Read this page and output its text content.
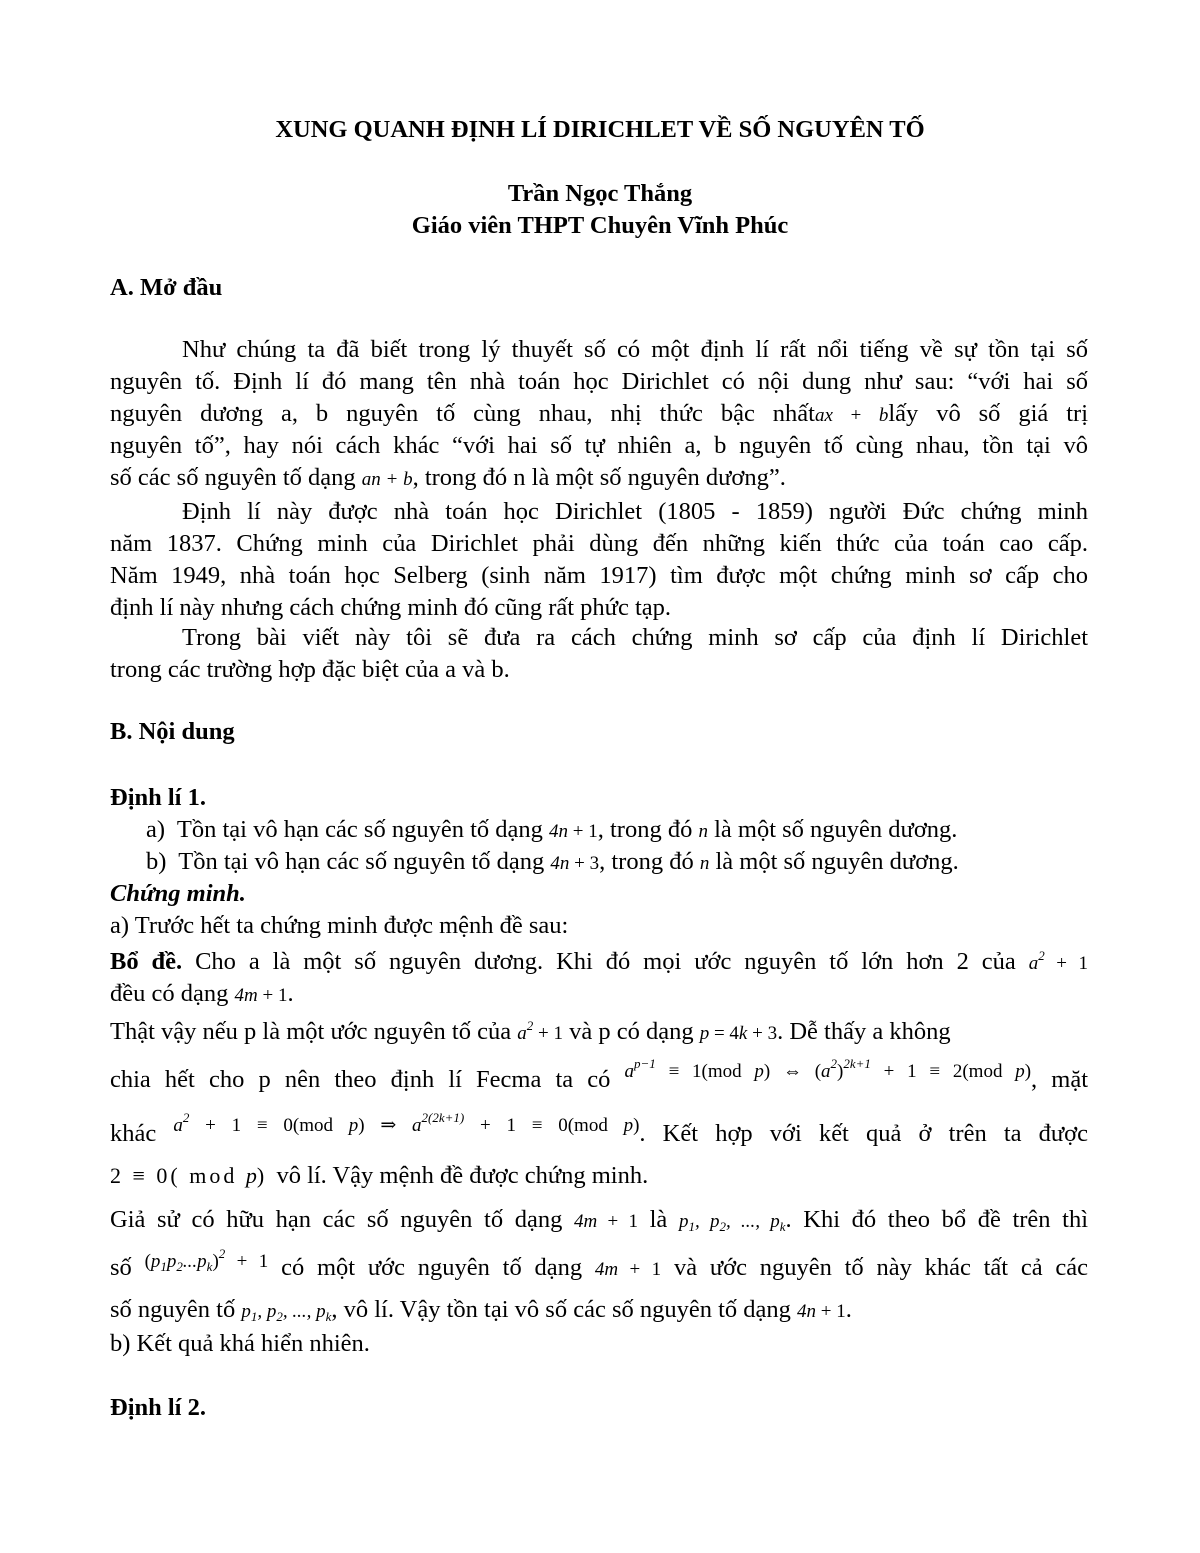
XUNG QUANH ĐỊNH LÍ DIRICHLET VỀ SỐ NGUYÊN TỐ
Trần Ngọc Thắng
Giáo viên THPT Chuyên Vĩnh Phúc
A. Mở đầu
Như chúng ta đã biết trong lý thuyết số có một định lí rất nổi tiếng về sự tồn tại số
nguyên tố. Định lí đó mang tên nhà toán học Dirichlet có nội dung như sau: “với hai số
nguyên dương a, b nguyên tố cùng nhau, nhị thức bậc nhấtax + blấy vô số giá trị
nguyên tố”, hay nói cách khác “với hai số tự nhiên a, b nguyên tố cùng nhau, tồn tại vô
số các số nguyên tố dạng an + b, trong đó n là một số nguyên dương”.
Định lí này được nhà toán học Dirichlet (1805 - 1859) người Đức chứng minh
năm 1837. Chứng minh của Dirichlet phải dùng đến những kiến thức của toán cao cấp.
Năm 1949, nhà toán học Selberg (sinh năm 1917) tìm được một chứng minh sơ cấp cho
định lí này nhưng cách chứng minh đó cũng rất phức tạp.
Trong bài viết này tôi sẽ đưa ra cách chứng minh sơ cấp của định lí Dirichlet
trong các trường hợp đặc biệt của a và b.
B. Nội dung
Định lí 1.
a) Tồn tại vô hạn các số nguyên tố dạng 4n + 1, trong đó n là một số nguyên dương.
b) Tồn tại vô hạn các số nguyên tố dạng 4n + 3, trong đó n là một số nguyên dương.
Chứng minh.
a) Trước hết ta chứng minh được mệnh đề sau:
Bổ đề. Cho a là một số nguyên dương. Khi đó mọi ước nguyên tố lớn hơn 2 của $a^2 + 1$
đều có dạng 4m + 1.
Thật vậy nếu p là một ước nguyên tố của $a^2 + 1$ và p có dạng p = 4k + 3. Dễ thấy a không
chia hết cho p nên theo định lí Fecma ta có $^{a^{p-1} \equiv 1(mod p) \Leftrightarrow (a^2)^{2k+1} + 1 \equiv 2(mod p)}$, mặt
khác $^{a^2 + 1 \equiv 0(mod p) \Rightarrow a^{2(2k+1)} + 1 \equiv 0(mod p)}$. Kết hợp với kết quả ở trên ta được
2 ≡ 0( mod p) vô lí. Vậy mệnh đề được chứng minh.
Giả sử có hữu hạn các số nguyên tố dạng 4m + 1 là $p_1$, $p_2$, ..., $p_k$. Khi đó theo bổ đề trên thì
số $^{(p_1p_2...p_k)^2 + 1}$ có một ước nguyên tố dạng 4m + 1 và ước nguyên tố này khác tất cả các
số nguyên tố $p_1$, $p_2$, ..., $p_k$, vô lí. Vậy tồn tại vô số các số nguyên tố dạng 4n + 1.
b) Kết quả khá hiển nhiên.
Định lí 2.
